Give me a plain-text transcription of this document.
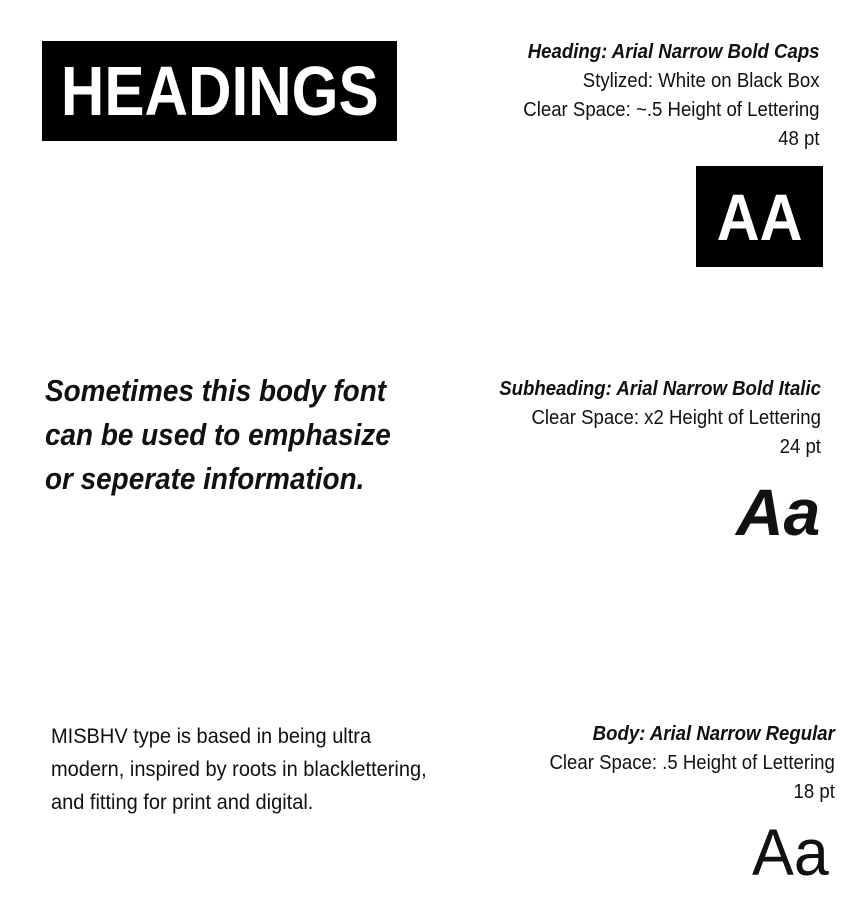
HEADINGS	Heading: Arial Narrow Bold Caps
Stylized: White on Black Box
Clear Space: ~.5 Height of Lettering
48 pt
AA
Sometimes this body font
can be used to emphasize
or seperate information.
Subheading: Arial Narrow Bold Italic
Clear Space: x2 Height of Lettering
24 pt
Aa
MISBHV type is based in being ultra
modern, inspired by roots in blacklettering,
and fitting for print and digital.
Body: Arial Narrow Regular
Clear Space: .5 Height of Lettering
18 pt
Aa
